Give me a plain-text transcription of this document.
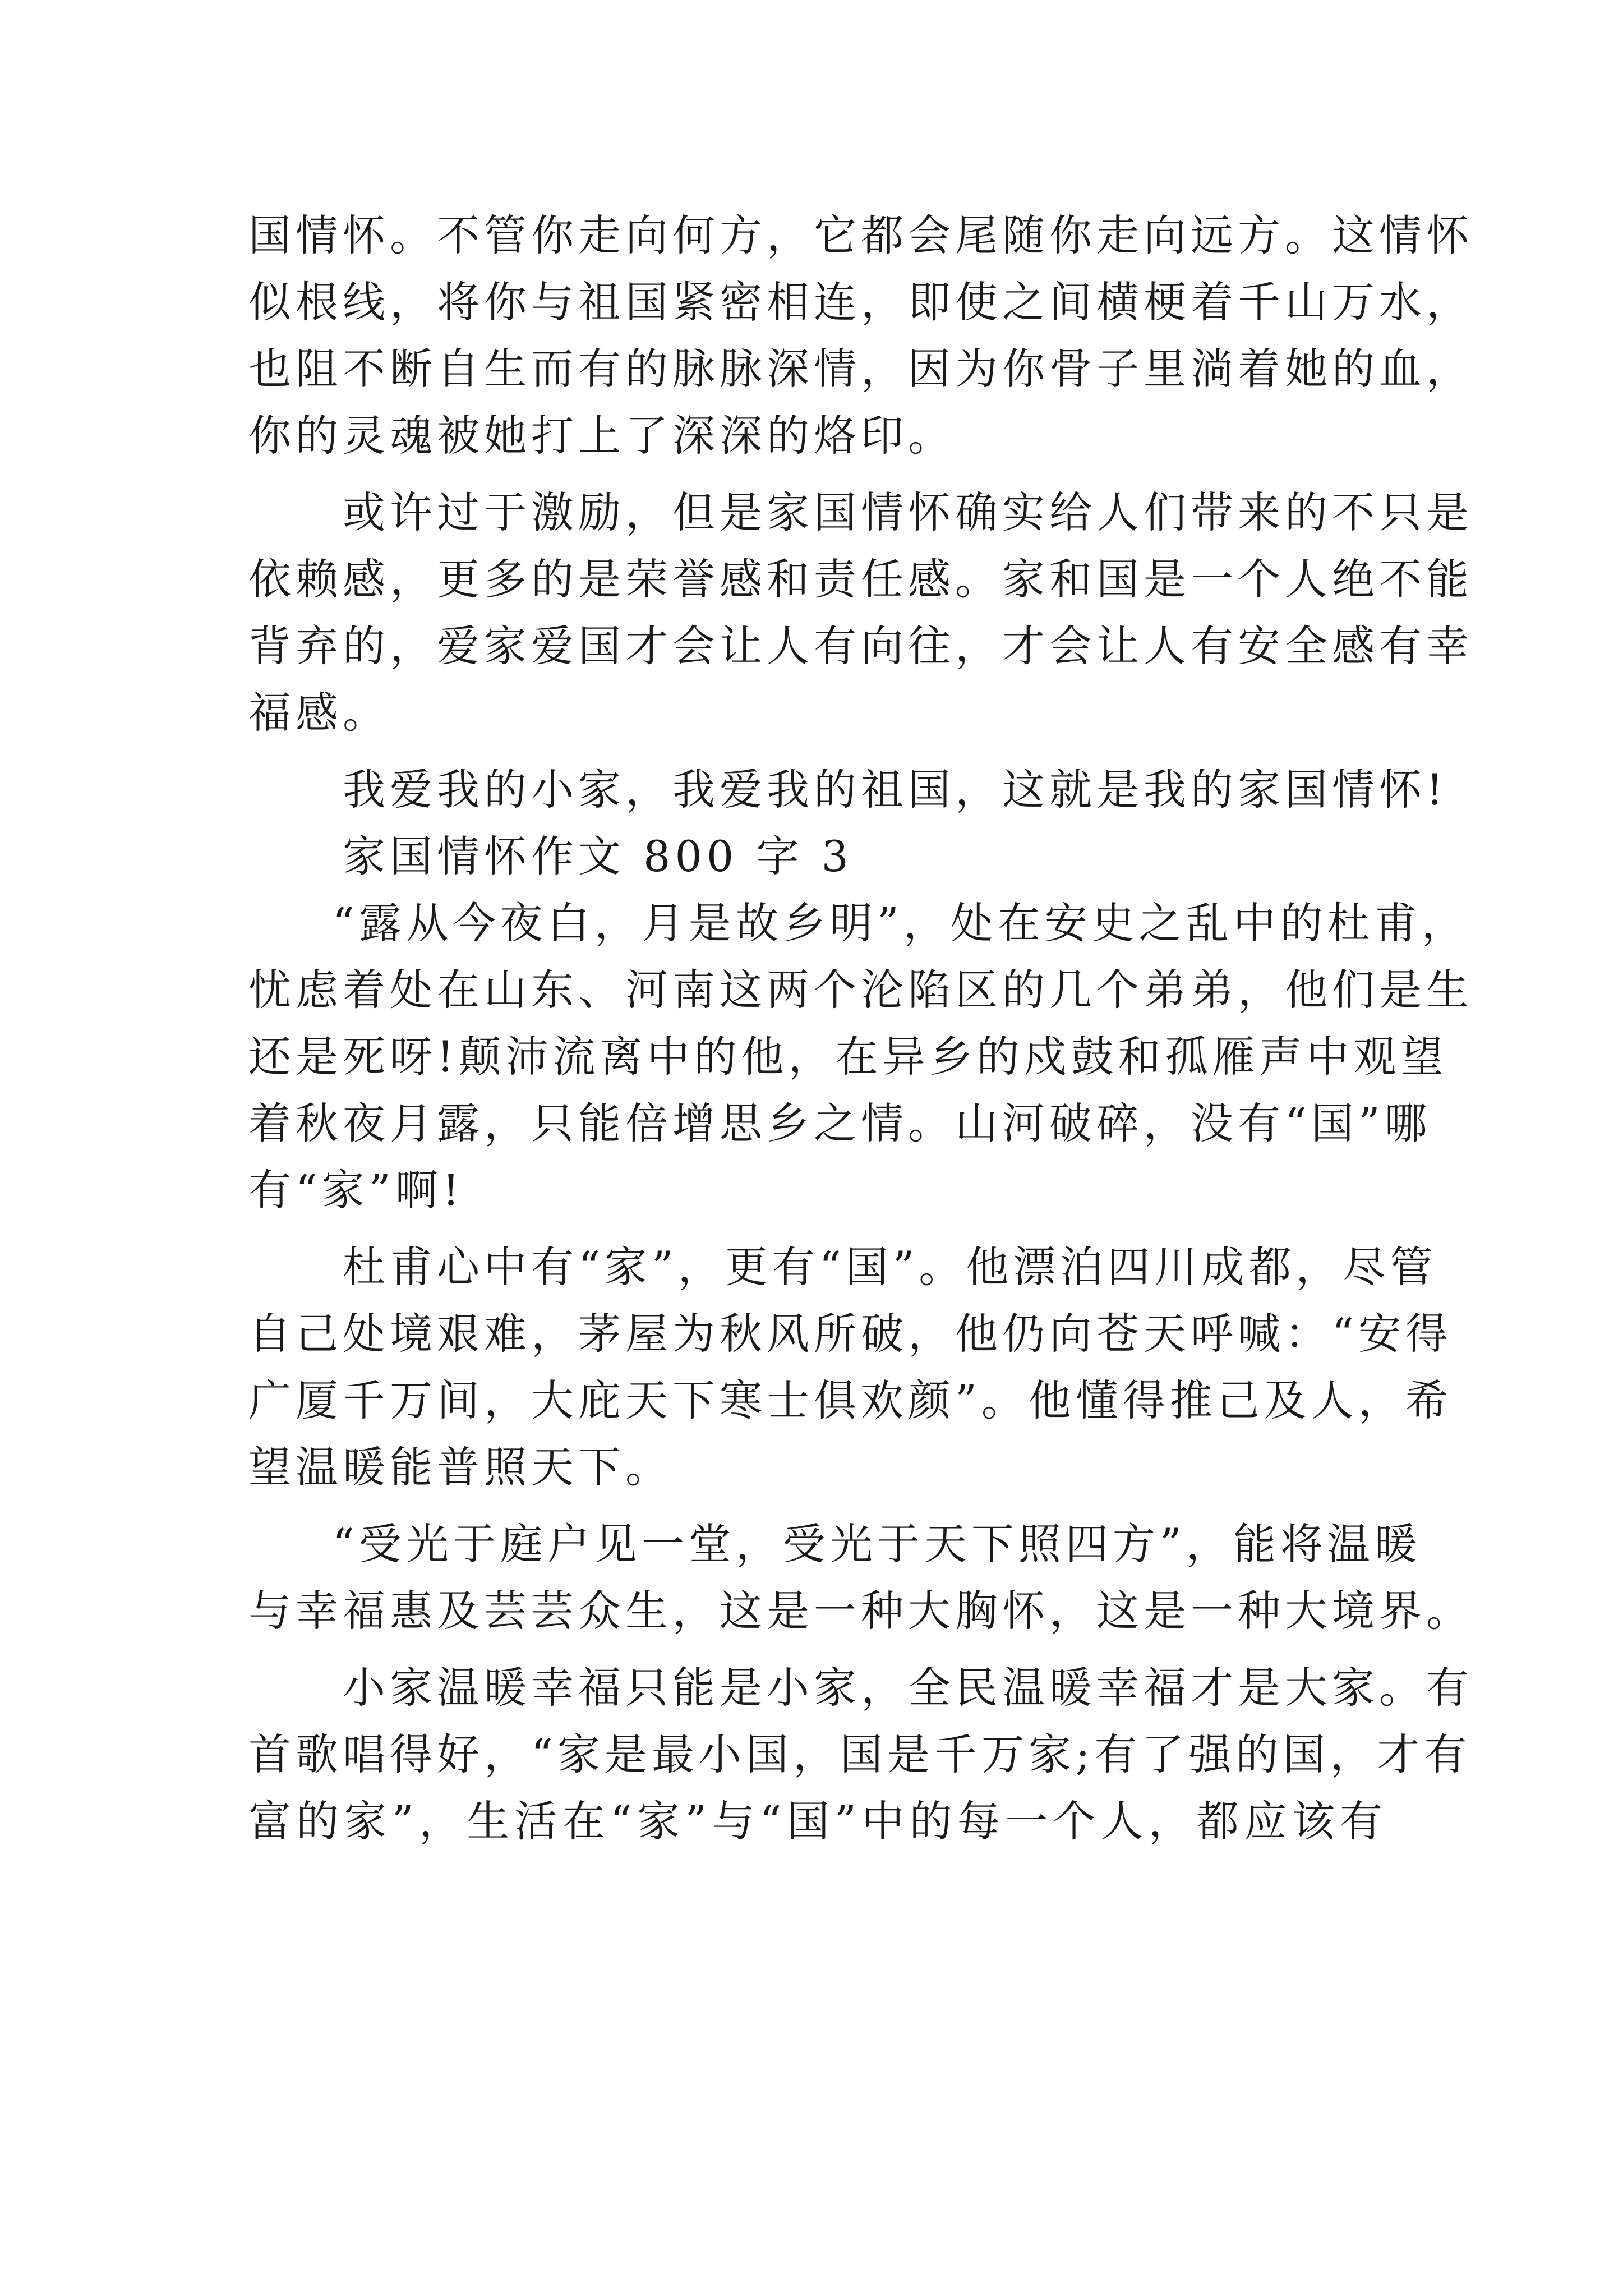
国情怀。不管你走向何方，它都会尾随你走向远方。这情怀
似根线，将你与祖国紧密相连，即使之间横梗着千山万水，
也阻不断自生而有的脉脉深情，因为你骨子里淌着她的血，
你的灵魂被她打上了深深的烙印。
或许过于激励，但是家国情怀确实给人们带来的不只是
依赖感，更多的是荣誉感和责任感。家和国是一个人绝不能
背弃的，爱家爱国才会让人有向往，才会让人有安全感有幸
福感。
我爱我的小家，我爱我的祖国，这就是我的家国情怀!
家国情怀作文 800 字 3
“露从今夜白，月是故乡明”，处在安史之乱中的杜甫，
忧虑着处在山东、河南这两个沦陷区的几个弟弟，他们是生
还是死呀!颠沛流离中的他，在异乡的戍鼓和孤雁声中观望
着秋夜月露，只能倍增思乡之情。山河破碎，没有“国”哪
有“家”啊!
杜甫心中有“家”，更有“国”。他漂泊四川成都，尽管
自己处境艰难，茅屋为秋风所破，他仍向苍天呼喊：“安得
广厦千万间，大庇天下寒士俱欢颜”。他懂得推己及人，希
望温暖能普照天下。
“受光于庭户见一堂，受光于天下照四方”，能将温暖
与幸福惠及芸芸众生，这是一种大胸怀，这是一种大境界。
小家温暖幸福只能是小家，全民温暖幸福才是大家。有
首歌唱得好，“家是最小国，国是千万家;有了强的国，才有
富的家”，生活在“家”与“国”中的每一个人，都应该有
